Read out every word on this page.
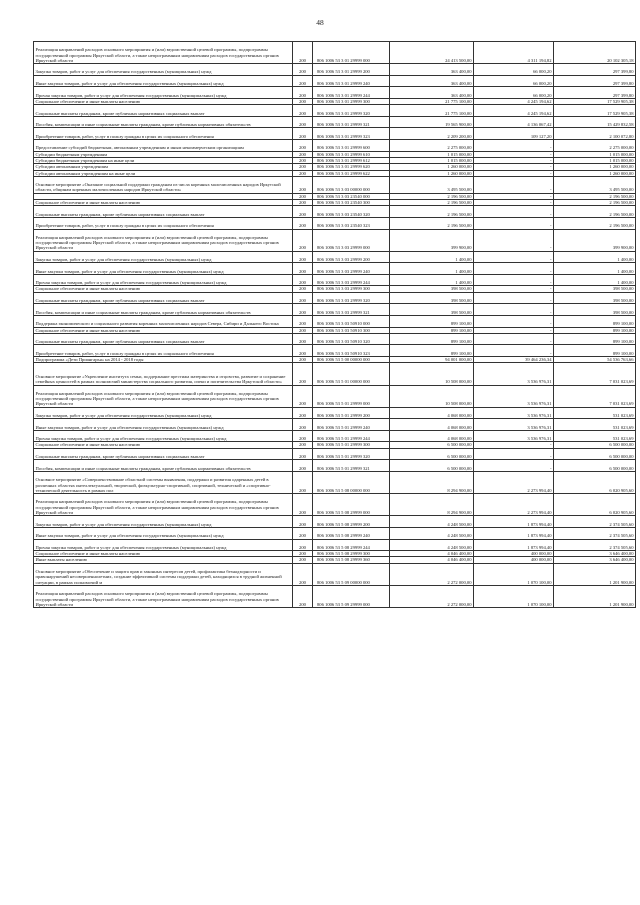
48
Реализация направлений расходов основного мероприятия и (или) ведомственной целевой программы, подпрограммы государственной программы Иркутской области, а также непрограммным направлениям расходов государственных органов Иркутской области	200	806 1006 53 3 01 29999 000	24 413 500,00	4 311 194,82	20 102 305,18
Закупка товаров, работ и услуг для обеспечения государственных (муниципальных) нужд	200	806 1006 53 3 01 29999 200	363 400,00	66 000,20	297 399,80
Иные закупки товаров, работ и услуг для обеспечения государственных (муниципальных) нужд	200	806 1006 53 3 01 29999 240	363 400,00	66 000,20	297 399,80
Прочая закупка товаров, работ и услуг для обеспечения государственных (муниципальных) нужд	200	806 1006 53 3 01 29999 244	363 400,00	66 000,20	297 399,80
Социальное обеспечение и иные выплаты населению	200	806 1006 53 3 01 29999 300	21 775 100,00	4 245 194,62	17 529 905,38
Социальные выплаты гражданам, кроме публичных нормативных социальных выплат	200	806 1006 53 3 01 29999 320	21 775 100,00	4 245 194,62	17 529 905,38
Пособия, компенсации и иные социальные выплаты гражданам, кроме публичных нормативных обязательств	200	806 1006 53 3 01 29999 321	19 565 900,00	4 136 067,42	15 429 832,58
Приобретение товаров, работ, услуг в пользу граждан в целях их социального обеспечения	200	806 1006 53 3 01 29999 323	2 209 200,00	109 127,20	2 100 072,80
Предоставление субсидий бюджетным, автономным учреждениям и иным некоммерческим организациям	200	806 1006 53 3 01 29999 600	2 275 000,00	-	2 275 000,00
Субсидии бюджетным учреждениям	200	806 1006 53 3 01 29999 610	1 015 000,00	-	1 015 000,00
Субсидии бюджетным учреждениям на иные цели	200	806 1006 53 3 01 29999 612	1 015 000,00	-	1 015 000,00
Субсидии автономным учреждениям	200	806 1006 53 3 01 29999 620	1 260 000,00	-	1 260 000,00
Субсидии автономным учреждениям на иные цели	200	806 1006 53 3 01 29999 622	1 260 000,00	-	1 260 000,00
Основное мероприятие «Оказание социальной поддержки гражданам из числа коренных малочисленных народов Иркутской области, общинам коренных малочисленных народов Иркутской области»	200	806 1006 53 3 03 00000 000	3 495 500,00	-	3 495 500,00
	200	806 1006 53 3 03 23540 000	2 196 500,00	-	2 196 500,00
Социальное обеспечение и иные выплаты населению	200	806 1006 53 3 03 23540 300	2 196 500,00	-	2 196 500,00
Социальные выплаты гражданам, кроме публичных нормативных социальных выплат	200	806 1006 53 3 03 23540 320	2 196 500,00	-	2 196 500,00
Приобретение товаров, работ, услуг в пользу граждан в целях их социального обеспечения	200	806 1006 53 3 03 23540 323	2 196 500,00	-	2 196 500,00
Реализация направлений расходов основного мероприятия и (или) ведомственной целевой программы, подпрограммы государственной программы Иркутской области, а также непрограммным направлениям расходов государственных органов Иркутской области	200	806 1006 53 3 03 29999 000	399 900,00	-	399 900,00
Закупка товаров, работ и услуг для обеспечения государственных (муниципальных) нужд	200	806 1006 53 3 03 29999 200	1 400,00	-	1 400,00
Иные закупки товаров, работ и услуг для обеспечения государственных (муниципальных) нужд	200	806 1006 53 3 03 29999 240	1 400,00	-	1 400,00
Прочая закупка товаров, работ и услуг для обеспечения государственных (муниципальных) нужд	200	806 1006 53 3 03 29999 244	1 400,00	-	1 400,00
Социальное обеспечение и иные выплаты населению	200	806 1006 53 3 03 29999 300	398 500,00	-	398 500,00
Социальные выплаты гражданам, кроме публичных нормативных социальных выплат	200	806 1006 53 3 03 29999 320	398 500,00	-	398 500,00
Пособия, компенсации и иные социальные выплаты гражданам, кроме публичных нормативных обязательств	200	806 1006 53 3 03 29999 321	398 500,00	-	398 500,00
Поддержка экономического и социального развития коренных малочисленных народов Севера, Сибири и Дальнего Востока	200	806 1006 53 3 03 50910 000	899 100,00	-	899 100,00
Социальное обеспечение и иные выплаты населению	200	806 1006 53 3 03 50910 300	899 100,00	-	899 100,00
Социальные выплаты гражданам, кроме публичных нормативных социальных выплат	200	806 1006 53 3 03 50910 320	899 100,00	-	899 100,00
Приобретение товаров, работ, услуг в пользу граждан в целях их социального обеспечения	200	806 1006 53 3 03 50910 323	899 100,00	-	899 100,00
Подпрограмма «Дети Приангарья» на 2014 - 2018 годы	200	806 1006 53 5 00 00000 000	94 001 000,00	39 464 236,34	54 536 763,66
Основное мероприятие «Укрепление института семьи, поддержание престижа материнства и отцовства, развитие и сохранение семейных ценностей в рамках полномочий министерства социального развития, опеки и попечительства Иркутской области»	200	806 1006 53 5 01 00000 000	10 508 000,00	3 536 976,31	7 031 023,69
Реализация направлений расходов основного мероприятия и (или) ведомственной целевой программы, подпрограммы государственной программы Иркутской области, а также непрограммным направлениям расходов государственных органов Иркутской области	200	806 1006 53 5 01 29999 000	10 508 000,00	3 536 976,31	7 031 023,69
Закупка товаров, работ и услуг для обеспечения государственных (муниципальных) нужд	200	806 1006 53 5 01 29999 200	4 068 000,00	3 536 976,31	531 023,69
Иные закупки товаров, работ и услуг для обеспечения государственных (муниципальных) нужд	200	806 1006 53 5 01 29999 240	4 068 000,00	3 536 976,31	531 023,69
Прочая закупка товаров, работ и услуг для обеспечения государственных (муниципальных) нужд	200	806 1006 53 5 01 29999 244	4 068 000,00	3 536 976,31	531 023,69
Социальное обеспечение и иные выплаты населению	200	806 1006 53 5 01 29999 300	6 500 000,00	-	6 500 000,00
Социальные выплаты гражданам, кроме публичных нормативных социальных выплат	200	806 1006 53 5 01 29999 320	6 500 000,00	-	6 500 000,00
Пособия, компенсации и иные социальные выплаты гражданам, кроме публичных нормативных обязательств	200	806 1006 53 5 01 29999 321	6 500 000,00	-	6 500 000,00
Основное мероприятие «Совершенствование областной системы выявления, поддержки и развития одаренных детей в различных областях интеллектуальной, творческой, физкультурно-спортивной, спортивной, технической и «спортивно-технической деятельность в рамках пол	200	806 1006 53 5 08 00000 000	8 294 900,00	2 273 994,40	6 020 905,60
Реализация направлений расходов основного мероприятия и (или) ведомственной целевой программы, подпрограммы государственной программы Иркутской области, а также непрограммным направлениям расходов государственных органов Иркутской области	200	806 1006 53 5 08 29999 000	8 294 900,00	2 273 994,40	6 020 905,60
Закупка товаров, работ и услуг для обеспечения государственных (муниципальных) нужд	200	806 1006 53 5 08 29999 200	4 248 500,00	1 873 994,40	2 374 505,60
Иные закупки товаров, работ и услуг для обеспечения государственных (муниципальных) нужд	200	806 1006 53 5 08 29999 240	4 248 500,00	1 873 994,40	2 374 505,60
Прочая закупка товаров, работ и услуг для обеспечения государственных (муниципальных) нужд	200	806 1006 53 5 08 29999 244	4 248 500,00	1 873 994,40	2 374 505,60
Социальное обеспечение и иные выплаты населению	200	806 1006 53 5 08 29999 300	4 046 400,00	400 000,00	3 646 400,00
Иные выплаты населению	200	806 1006 53 5 08 29999 360	4 046 400,00	400 000,00	3 646 400,00
Основное мероприятие «Обеспечение и защита прав и законных интересов детей, профилактика безнадзорности и правонарушений несовершеннолетних, создание эффективной системы поддержки детей, находящихся в трудной жизненной ситуации, в рамках полномочий м	200	806 1006 53 5 09 00000 000	2 272 000,00	1 070 100,00	1 201 900,00
Реализация направлений расходов основного мероприятия и (или) ведомственной целевой программы, подпрограммы государственной программы Иркутской области, а также непрограммным направлениям расходов государственных органов Иркутской области	200	806 1006 53 5 09 29999 000	2 272 000,00	1 070 100,00	1 201 900,00
